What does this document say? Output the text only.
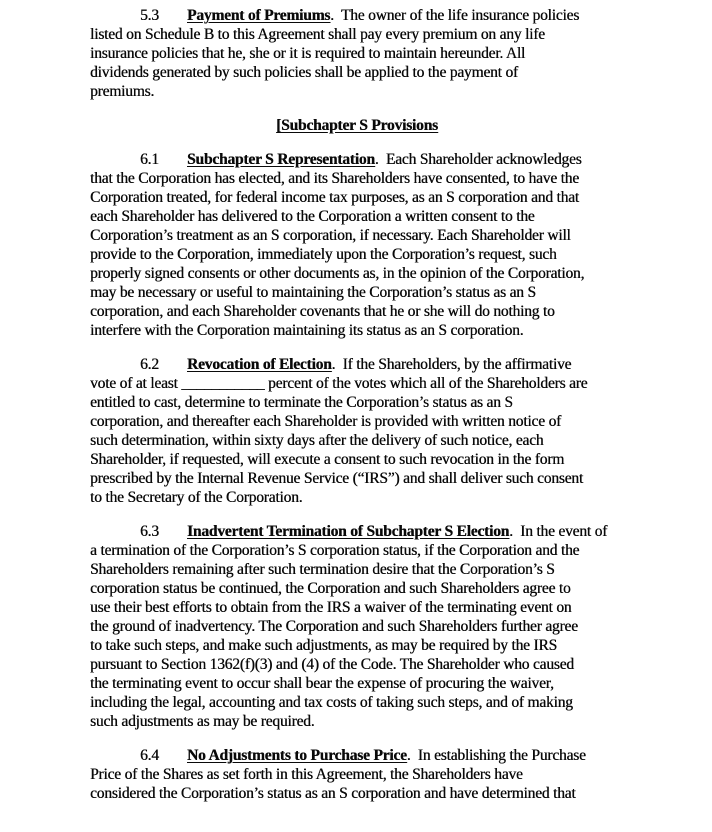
5.3 Payment of Premiums.  The owner of the life insurance policies
listed on Schedule B to this Agreement shall pay every premium on any life
insurance policies that he, she or it is required to maintain hereunder. All
dividends generated by such policies shall be applied to the payment of
premiums.
[Subchapter S Provisions
6.1 Subchapter S Representation.  Each Shareholder acknowledges
that the Corporation has elected, and its Shareholders have consented, to have the
Corporation treated, for federal income tax purposes, as an S corporation and that
each Shareholder has delivered to the Corporation a written consent to the
Corporation’s treatment as an S corporation, if necessary. Each Shareholder will
provide to the Corporation, immediately upon the Corporation’s request, such
properly signed consents or other documents as, in the opinion of the Corporation,
may be necessary or useful to maintaining the Corporation’s status as an S
corporation, and each Shareholder covenants that he or she will do nothing to
interfere with the Corporation maintaining its status as an S corporation.
6.2 Revocation of Election.  If the Shareholders, by the affirmative
vote of at least ___________ percent of the votes which all of the Shareholders are
entitled to cast, determine to terminate the Corporation’s status as an S
corporation, and thereafter each Shareholder is provided with written notice of
such determination, within sixty days after the delivery of such notice, each
Shareholder, if requested, will execute a consent to such revocation in the form
prescribed by the Internal Revenue Service (“IRS”) and shall deliver such consent
to the Secretary of the Corporation.
6.3 Inadvertent Termination of Subchapter S Election.  In the event of
a termination of the Corporation’s S corporation status, if the Corporation and the
Shareholders remaining after such termination desire that the Corporation’s S
corporation status be continued, the Corporation and such Shareholders agree to
use their best efforts to obtain from the IRS a waiver of the terminating event on
the ground of inadvertency. The Corporation and such Shareholders further agree
to take such steps, and make such adjustments, as may be required by the IRS
pursuant to Section 1362(f)(3) and (4) of the Code. The Shareholder who caused
the terminating event to occur shall bear the expense of procuring the waiver,
including the legal, accounting and tax costs of taking such steps, and of making
such adjustments as may be required.
6.4 No Adjustments to Purchase Price.  In establishing the Purchase
Price of the Shares as set forth in this Agreement, the Shareholders have
considered the Corporation’s status as an S corporation and have determined that
